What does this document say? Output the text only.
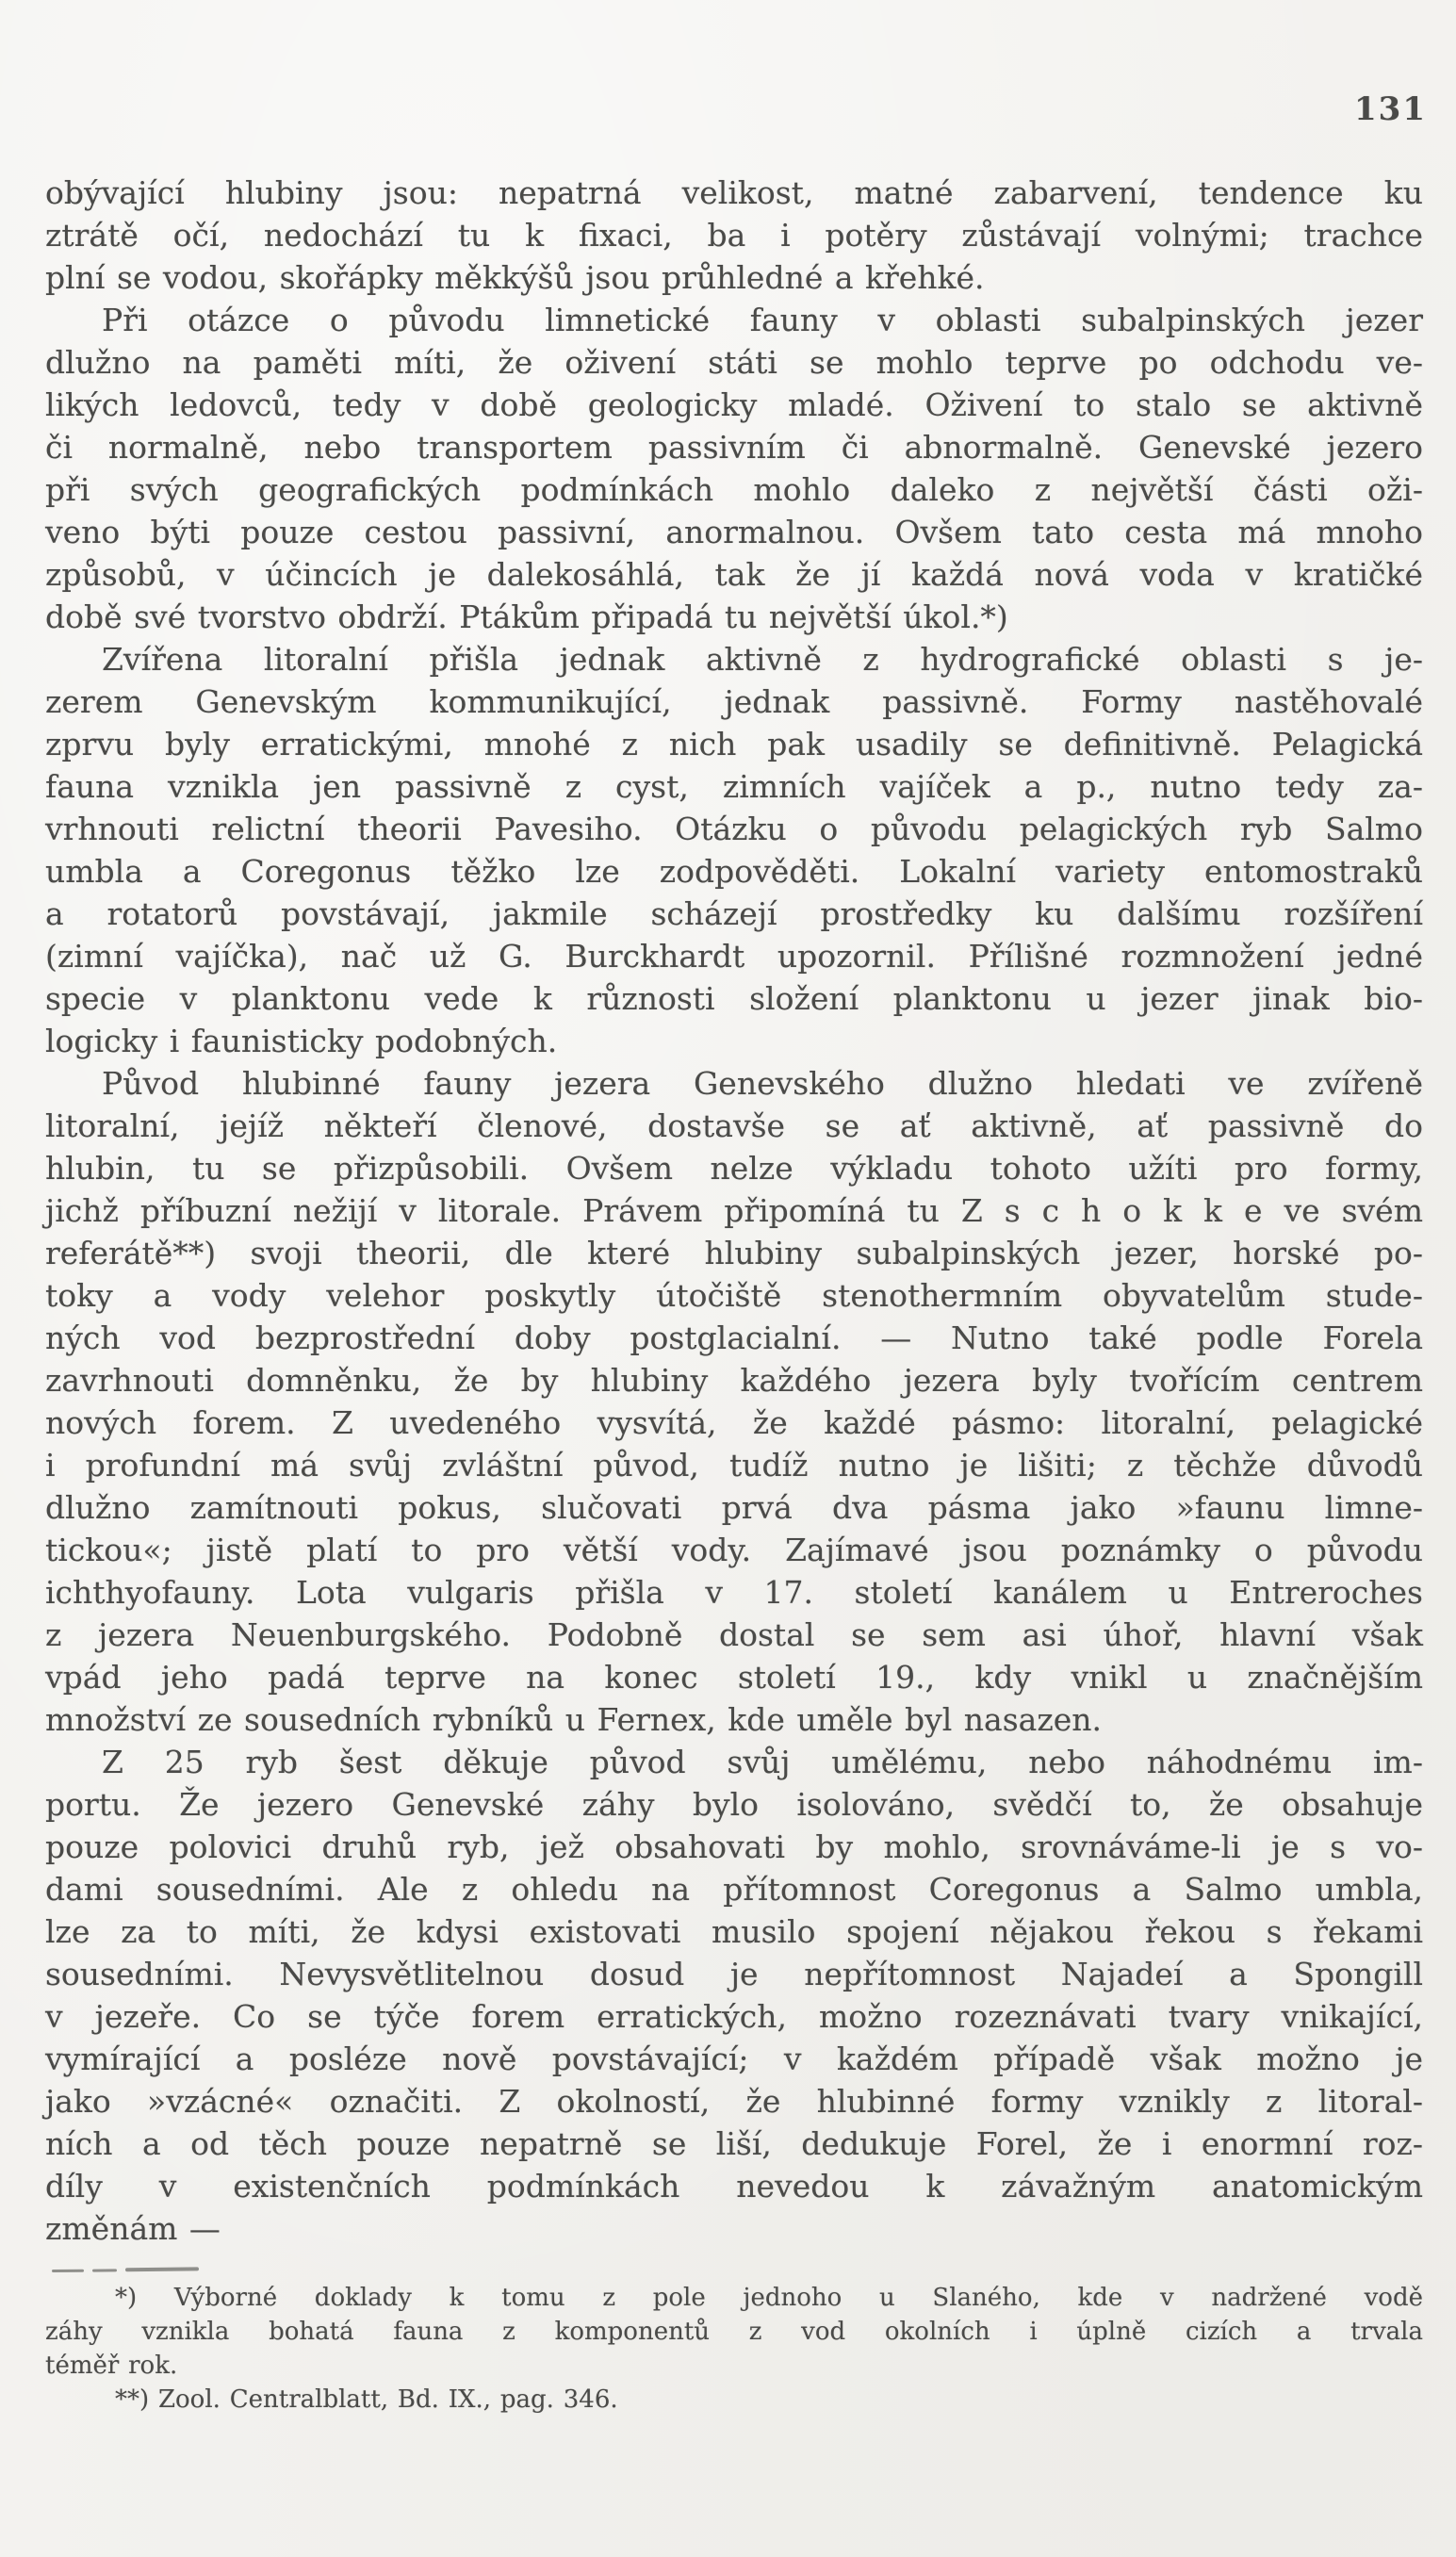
131
obývající hlubiny jsou: nepatrná velikost, matné zabarvení, tendence ku
ztrátě očí, nedochází tu k fixaci, ba i potěry zůstávají volnými; trachce
plní se vodou, skořápky měkkýšů jsou průhledné a křehké.
Při otázce o původu limnetické fauny v oblasti subalpinských jezer
dlužno na paměti míti, že oživení státi se mohlo teprve po odchodu ve-
likých ledovců, tedy v době geologicky mladé. Oživení to stalo se aktivně
či normalně, nebo transportem passivním či abnormalně. Genevské jezero
při svých geografických podmínkách mohlo daleko z největší části oži-
veno býti pouze cestou passivní, anormalnou. Ovšem tato cesta má mnoho
způsobů, v účincích je dalekosáhlá, tak že jí každá nová voda v kratičké
době své tvorstvo obdrží. Ptákům připadá tu největší úkol.*)
Zvířena litoralní přišla jednak aktivně z hydrografické oblasti s je-
zerem Genevským kommunikující, jednak passivně. Formy nastěhovalé
zprvu byly erratickými, mnohé z nich pak usadily se definitivně. Pelagická
fauna vznikla jen passivně z cyst, zimních vajíček a p., nutno tedy za-
vrhnouti relictní theorii Pavesiho. Otázku o původu pelagických ryb Salmo
umbla a Coregonus těžko lze zodpověděti. Lokalní variety entomostraků
a rotatorů povstávají, jakmile scházejí prostředky ku dalšímu rozšíření
(zimní vajíčka), nač už G. Burckhardt upozornil. Přílišné rozmnožení jedné
specie v planktonu vede k různosti složení planktonu u jezer jinak bio-
logicky i faunisticky podobných.
Původ hlubinné fauny jezera Genevského dlužno hledati ve zvířeně
litoralní, jejíž někteří členové, dostavše se ať aktivně, ať passivně do
hlubin, tu se přizpůsobili. Ovšem nelze výkladu tohoto užíti pro formy,
jichž příbuzní nežijí v litorale. Právem připomíná tu Z s c h o k k e ve svém
referátě**) svoji theorii, dle které hlubiny subalpinských jezer, horské po-
toky a vody velehor poskytly útočiště stenothermním obyvatelům stude-
ných vod bezprostřední doby postglacialní. — Nutno také podle Forela
zavrhnouti domněnku, že by hlubiny každého jezera byly tvořícím centrem
nových forem. Z uvedeného vysvítá, že každé pásmo: litoralní, pelagické
i profundní má svůj zvláštní původ, tudíž nutno je lišiti; z těchže důvodů
dlužno zamítnouti pokus, slučovati prvá dva pásma jako »faunu limne-
tickou«; jistě platí to pro větší vody. Zajímavé jsou poznámky o původu
ichthyofauny. Lota vulgaris přišla v 17. století kanálem u Entreroches
z jezera Neuenburgského. Podobně dostal se sem asi úhoř, hlavní však
vpád jeho padá teprve na konec století 19., kdy vnikl u značnějším
množství ze sousedních rybníků u Fernex, kde uměle byl nasazen.
Z 25 ryb šest děkuje původ svůj umělému, nebo náhodnému im-
portu. Že jezero Genevské záhy bylo isolováno, svědčí to, že obsahuje
pouze polovici druhů ryb, jež obsahovati by mohlo, srovnáváme-li je s vo-
dami sousedními. Ale z ohledu na přítomnost Coregonus a Salmo umbla,
lze za to míti, že kdysi existovati musilo spojení nějakou řekou s řekami
sousedními. Nevysvětlitelnou dosud je nepřítomnost Najadeí a Spongill
v jezeře. Co se týče forem erratických, možno rozeznávati tvary vnikající,
vymírající a posléze nově povstávající; v každém případě však možno je
jako »vzácné« označiti. Z okolností, že hlubinné formy vznikly z litoral-
ních a od těch pouze nepatrně se liší, dedukuje Forel, že i enormní roz-
díly v existenčních podmínkách nevedou k závažným anatomickým
změnám —
*) Výborné doklady k tomu z pole jednoho u Slaného, kde v nadržené vodě
záhy vznikla bohatá fauna z komponentů z vod okolních i úplně cizích a trvala
téměř rok.
**) Zool. Centralblatt, Bd. IX., pag. 346.
